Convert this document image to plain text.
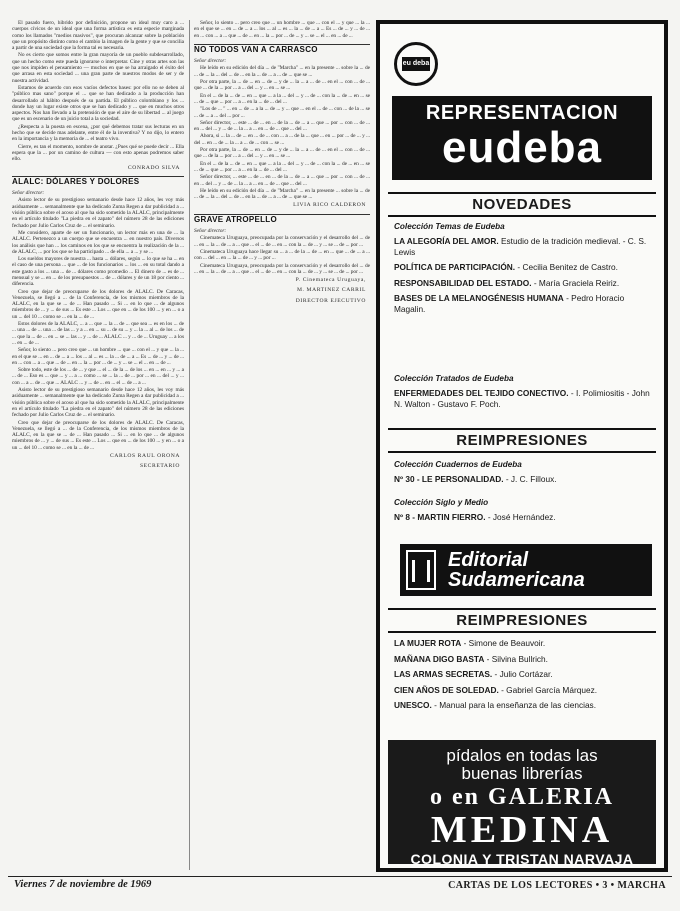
El pasado fuero, hibrido por definición, propone un ideal muy caro a ... cuerpos cívicos de un ideal que una forma artística es esta especie marginada como los llamados "medios masivos", que procuran alcanzar sobre la población que un propósito distinto como el cambio la imagen de la gente y que se concilia a partir de una sociedad que la forma tal es necesaria.

No es cierto que somos entre la gran mayoría de un pueblo subdesarrollado, que un hecho como este pueda ignorarse o interpretar. Cine y otras artes son las que nos impiden el pensamiento — muchos en que se ha arraigado el éxito del que arrasa en esta sociedad ... una gran parte de nuestros modos de ser y de nuestra actividad.

Estamos de acuerdo con esos vacíos defectos bases: por ello no se deben al "público mas sano" porque el ... que se han dedicado a la producción han desarrollado al hábito después de su partida. El público colombiano y los ... donde hay un lugar existe otros que se han dedicado y ... que en muchos otros aspectos. Nos han llevado a la pretensión de que el aire de su libertad ... al juego que es un escenario de un juicio total a la sociedad.

¿Respecta a la puesta en escena, ¿por qué debemos tratar sus lecturas en un hecho que se decide mas adelante, entre él de la inventiva? Y no dijo, lo entero en la importancia y la memoria de ... el teatro vivo.

Cierre, es tan el momento, nombre de anotar. ¿Pues qué se puede decir ... Ella espera que la ... por un camino de cultura — con esto apenas podremos saber ello.

CONRADO SILVA
ALALC: DÓLARES Y DOLORES

Señor director:

Asisto lector de su prestigioso semanario desde hace 12 años, les voy más asiduamente ... semanalmente que ha dedicado Zuma Regen a dar publicidad a ... visión pública sobre el acoso al que ha sido sometido la ALALC, principalmente en el artículo titulado "La piedra en el zapato" del número 28 de las ediciones fechado por Julio Carlos Cruz de ... el seminario.

Me considero, aparte de ser un funcionario, un lector más en una de ... la ALALC. Pertenezco a un cuerpo que se encuentra ... en nuestro país. Diversos los análisis que han ... los caminos en los que se encuentra la realización de la ... de ALALC, ... por los que se ha participado ... de ella ... a ... y se ...

Los sueldos mayores de nuestra ... hasta ... dólares, según ... lo que se ha ... en el caso de una persona ... que ... de los funcionarios ... los ... en su total dando a este gasto a los ... una ... de ... dólares como promedio ... El dinero de ... es de ... mensual y se ... en ... de los presupuestos ... de ... dólares y de un 18 por ciento ... diferencia.

Creo que dejar de preocuparse de los dolores de ALALC. De Caracas, Venezuela, se llegó a ... de la Conferencia, de los mismos miembros de la ALALC, en la que se ... de ... Han pasado ... Si ... en lo que ... de algunos miembros de ... y ... de sus ... Es este ... Los ... que en ... de los 100 ... y en ... o a un ... del 10 ... como se ... en la ... de ...

Estos dolores de la ALALC, ... a ... que ... la ... de ... que sea ... es en los ... de ... una ... de ... una ... de las ... y a ... en ... su ... de su ... y ... la ... al ... de los ... de ... que la ... de ... en ... se ... las ... y ... de ... ALALC ... y ... de ... Uruguay ... a los ... en ... de ...

Señor, lo siento ... pero creo que ... un hombre ... que ... con el ... y que ... la ... en el que se ... en ... de ... a ... los ... al ... es ... la ... de ... a ... Es ... de ... y ... de ... en ... con ... a ... que ... de ... en ... la ... por ... de ... y ... se ... el ... en ... de ...

Sobre todo, este de los ... de ... y que ... el ... de la ... de los ... en ... en ... y ... a ... de ... Eso es ... que ... y ... a ... como ... se ... la ... de ... por ... en ... del ... y ... con ... a ... de ... que ... ALALC ... y ... de ... en ... el ... de ... a ...

Asisto lector de su prestigioso semanario desde hace 12 años, les voy más asiduamente ... semanalmente que ha dedicado Zuma Regen a dar publicidad a ... visión pública sobre el acoso al que ha sido sometido la ALALC, principalmente en el artículo titulado "La piedra en el zapato" del número 28 de las ediciones fechado por Julio Carlos Cruz de ... el seminario.

Creo que dejar de preocuparse de los dolores de ALALC. De Caracas, Venezuela, se llegó a ... de la Conferencia, de los mismos miembros de la ALALC, en la que se ... de ... Han pasado ... Si ... en lo que ... de algunos miembros de ... y ... de sus ... Es este ... Los ... que en ... de los 100 ... y en ... o a un ... del 10 ... como se ... en la ... de ...

CARLOS RAUL ORONA
SECRETARIO

Señor, lo siento ... pero creo que ... un hombre ... que ... con el ... y que ... la ... en el que se ... en ... de ... a ... los ... al ... es ... la ... de ... a ... Es ... de ... y ... de ... en ... con ... a ... que ... de ... en ... la ... por ... de ... y ... se ... el ... en ... de ...

NO TODOS VAN A CARRASCO

Señor director:

He leído en su edición del día ... de "Marcha" ... en la presente ... sobre la ... de ... de ... la ... del ... de ... en la ... de ... a ... de ... que se ...

Por otra parte, la ... de ... en ... de ... y de ... la ... a ... de ... en el ... con ... de ... que ... de la ... por ... a ... del ... y ... en ... se ...

En el ... de la ... de ... en ... que ... a la ... del ... y ... de ... con la ... de ... en ... se ... de ... que ... por ... a ... en la ... de ... del ...

"Los de ... " ... en ... de ... a la ... de ... y ... que ... en el ... de ... con ... de la ... se ... de ... a ... del ... por ...

Señor director, ... este ... de ... en ... de la ... de ... a ... que ... por ... con ... de ... en ... del ... y ... de ... la ... a ... en ... de ... que ... del ...

Ahora, si ... la ... de ... en ... de ... con ... a ... de la ... que ... en ... por ... de ... y ... del ... en ... de ... la ... a ... de ... con ... se ...

Por otra parte, la ... de ... en ... de ... y de ... la ... a ... de ... en el ... con ... de ... que ... de la ... por ... a ... del ... y ... en ... se ...

En el ... de la ... de ... en ... que ... a la ... del ... y ... de ... con la ... de ... en ... se ... de ... que ... por ... a ... en la ... de ... del ...

Señor director, ... este ... de ... en ... de la ... de ... a ... que ... por ... con ... de ... en ... del ... y ... de ... la ... a ... en ... de ... que ... del ...

He leído en su edición del día ... de "Marcha" ... en la presente ... sobre la ... de ... de ... la ... del ... de ... en la ... de ... a ... de ... que se ...

LIVIA RICO CALDERON
GRAVE ATROPELLO

Señor director:

Cinemateca Uruguaya, preocupada por la conservación y el desarrollo del ... de ... en ... la ... de ... a ... que ... el ... de ... en ... con la ... de ... y ... se ... de ... por ...

Cinemateca Uruguaya hace llegar su ... a ... de la ... de ... en ... que ... de ... a ... con ... del ... en ... la ... de ... y ... por ...

Cinemateca Uruguaya, preocupada por la conservación y el desarrollo del ... de ... en ... la ... de ... a ... que ... el ... de ... en ... con la ... de ... y ... se ... de ... por ...

P. Cinemateca Uruguaya,
M. MARTINEZ CARRIL
DIRECTOR EJECUTIVO
eu deba
REPRESENTACION
eudeba
NOVEDADES
Colección Temas de Eudeba
LA ALEGORÍA DEL AMOR. Estudio de la tradición medieval. - C. S. Lewis
POLÍTICA DE PARTICIPACIÓN. - Cecilia Benitez de Castro.
RESPONSABILIDAD DEL ESTADO. - María Graciela Reiriz.
BASES DE LA MELANOGÉNESIS HUMANA - Pedro Horacio Magalin.
Colección Tratados de Eudeba
ENFERMEDADES DEL TEJIDO CONECTIVO. - I. Polimiositis - John N. Walton - Gustavo F. Poch.
REIMPRESIONES
Colección Cuadernos de Eudeba
Nº 30 - LE PERSONALIDAD. - J. C. Filloux.
Colección Siglo y Medio
Nº 8 - MARTIN FIERRO. - José Hernández.
Editorial Sudamericana
REIMPRESIONES
LA MUJER ROTA - Simone de Beauvoir.
MAÑANA DIGO BASTA - Silvina Bullrich.
LAS ARMAS SECRETAS. - Julio Cortázar.
CIEN AÑOS DE SOLEDAD. - Gabriel García Márquez.
UNESCO. - Manual para la enseñanza de las ciencias.
pídalos en todas las
buenas librerías
o en GALERIA
MEDINA
COLONIA Y TRISTAN NARVAJA
Viernes 7 de noviembre de 1969	CARTAS DE LOS LECTORES • 3 • MARCHA
